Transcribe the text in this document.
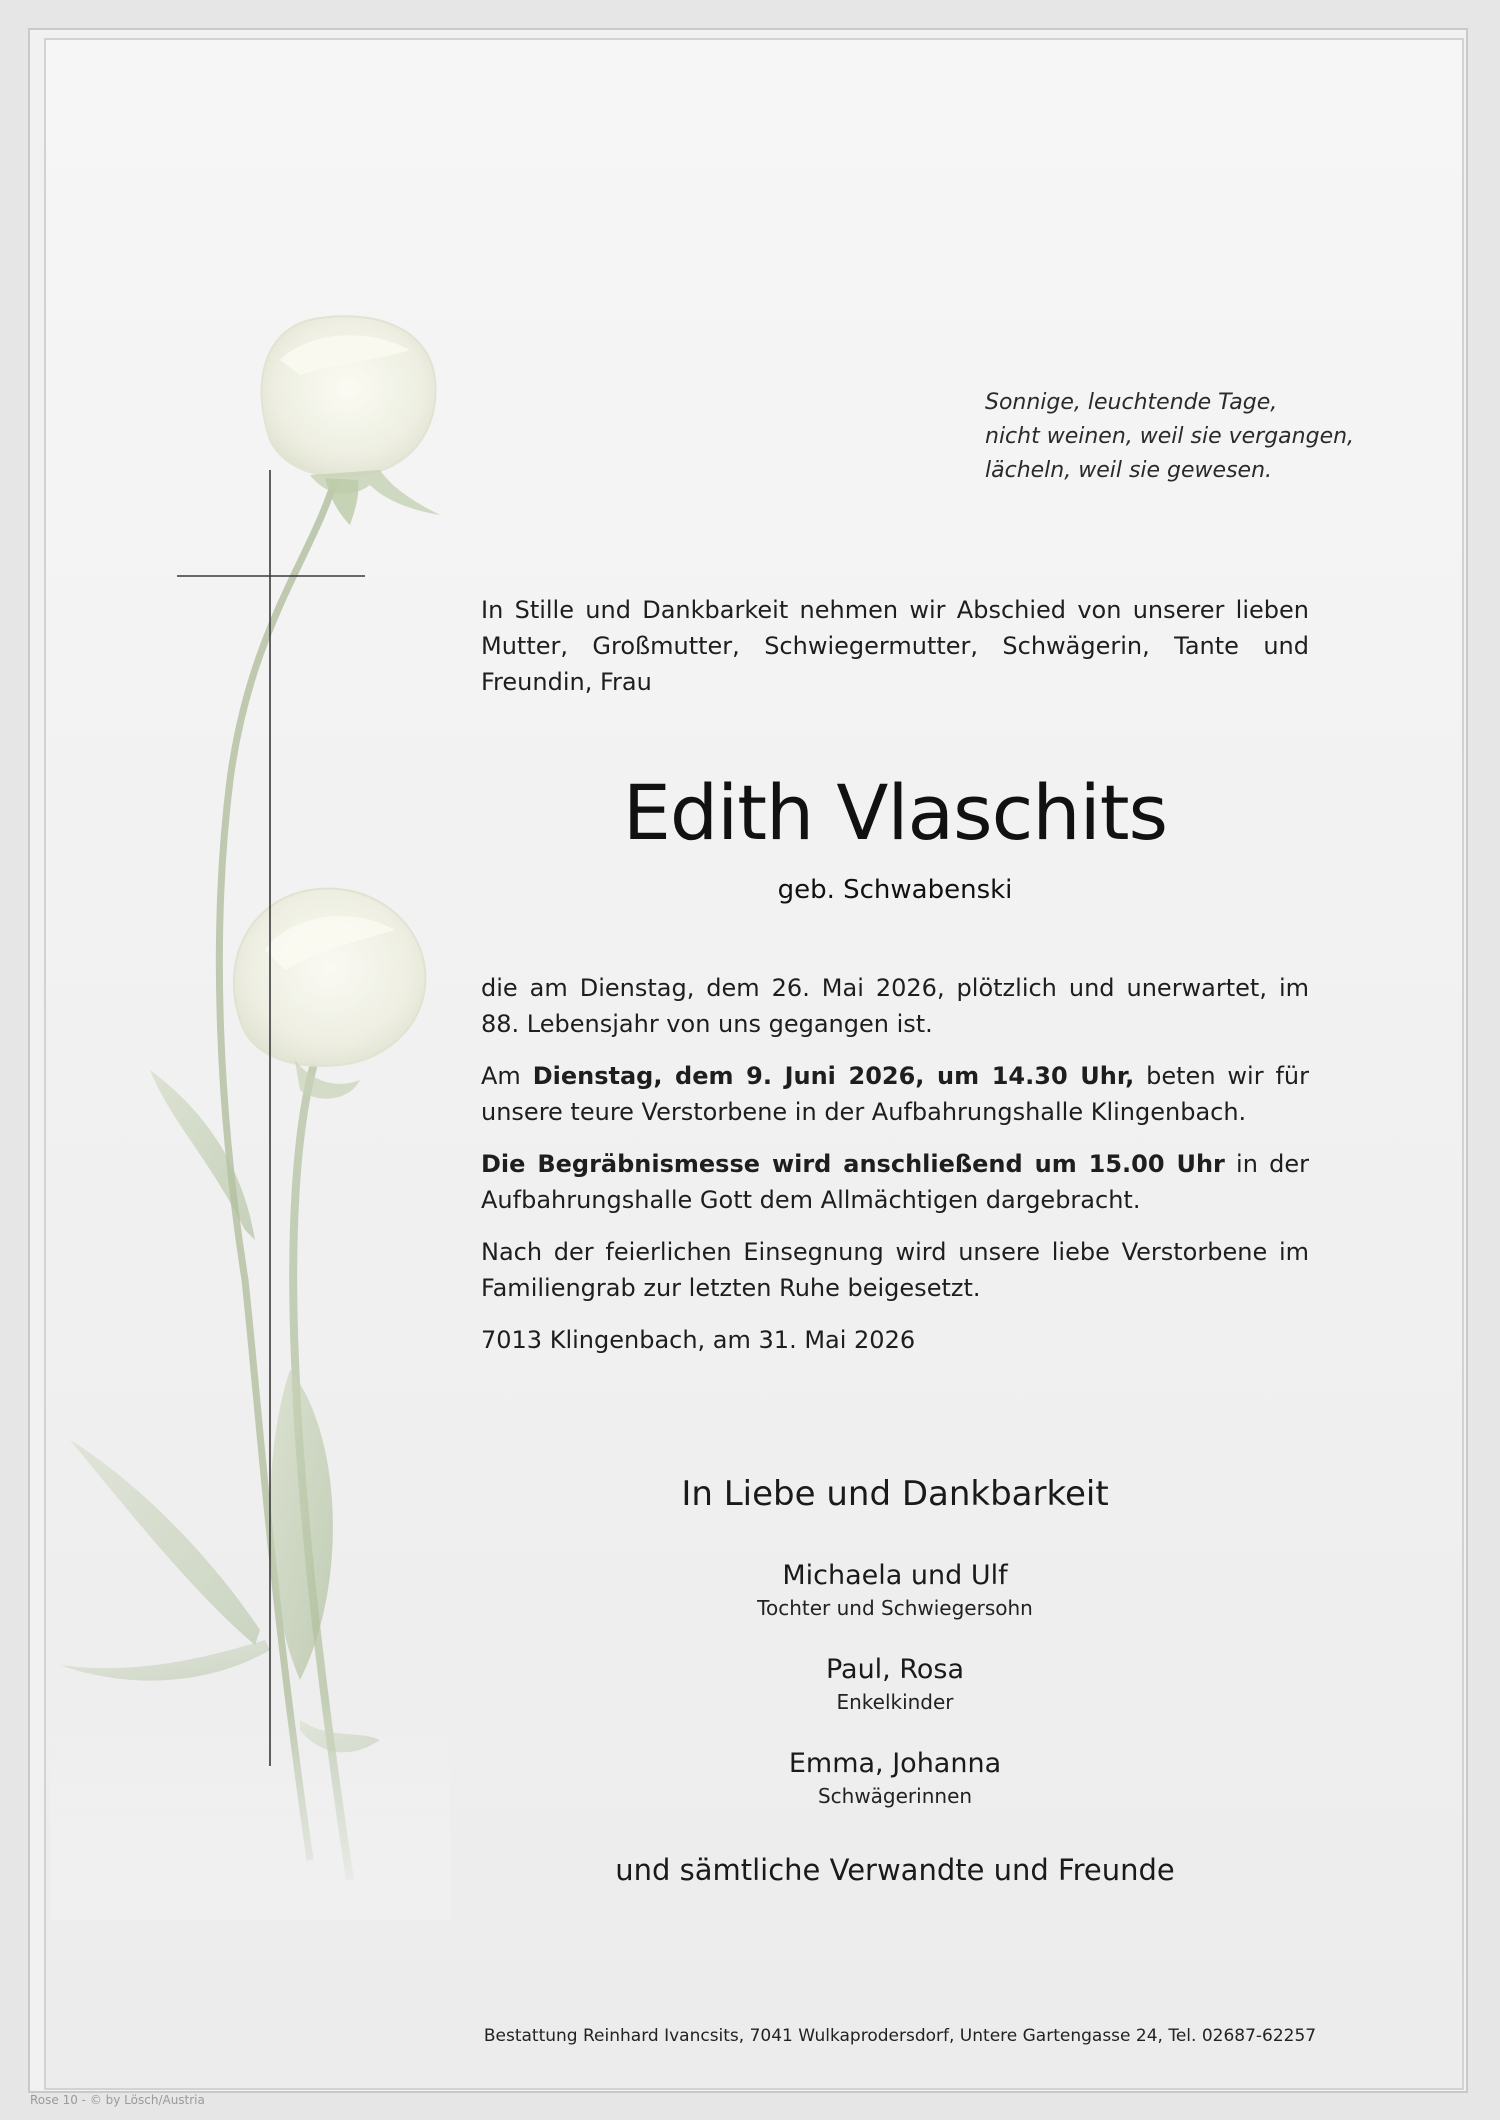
Sonnige, leuchtende Tage,
nicht weinen, weil sie vergangen,
lächeln, weil sie gewesen.
In Stille und Dankbarkeit nehmen wir Abschied von unserer lieben Mutter, Großmutter, Schwiegermutter, Schwägerin, Tante und Freundin, Frau
Edith Vlaschits
geb. Schwabenski
die am Dienstag, dem 26. Mai 2026, plötzlich und unerwartet, im 88. Lebensjahr von uns gegangen ist.
Am Dienstag, dem 9. Juni 2026, um 14.30 Uhr, beten wir für unsere teure Verstorbene in der Aufbahrungshalle Klingenbach.
Die Begräbnismesse wird anschließend um 15.00 Uhr in der Aufbahrungshalle Gott dem Allmächtigen dargebracht.
Nach der feierlichen Einsegnung wird unsere liebe Verstorbene im Familiengrab zur letzten Ruhe beigesetzt.
7013 Klingenbach, am 31. Mai 2026
In Liebe und Dankbarkeit
Michaela und Ulf
Tochter und Schwiegersohn
Paul, Rosa
Enkelkinder
Emma, Johanna
Schwägerinnen
und sämtliche Verwandte und Freunde
Bestattung Reinhard Ivancsits, 7041 Wulkaprodersdorf, Untere Gartengasse 24, Tel. 02687-62257
Rose 10 - © by Lösch/Austria
